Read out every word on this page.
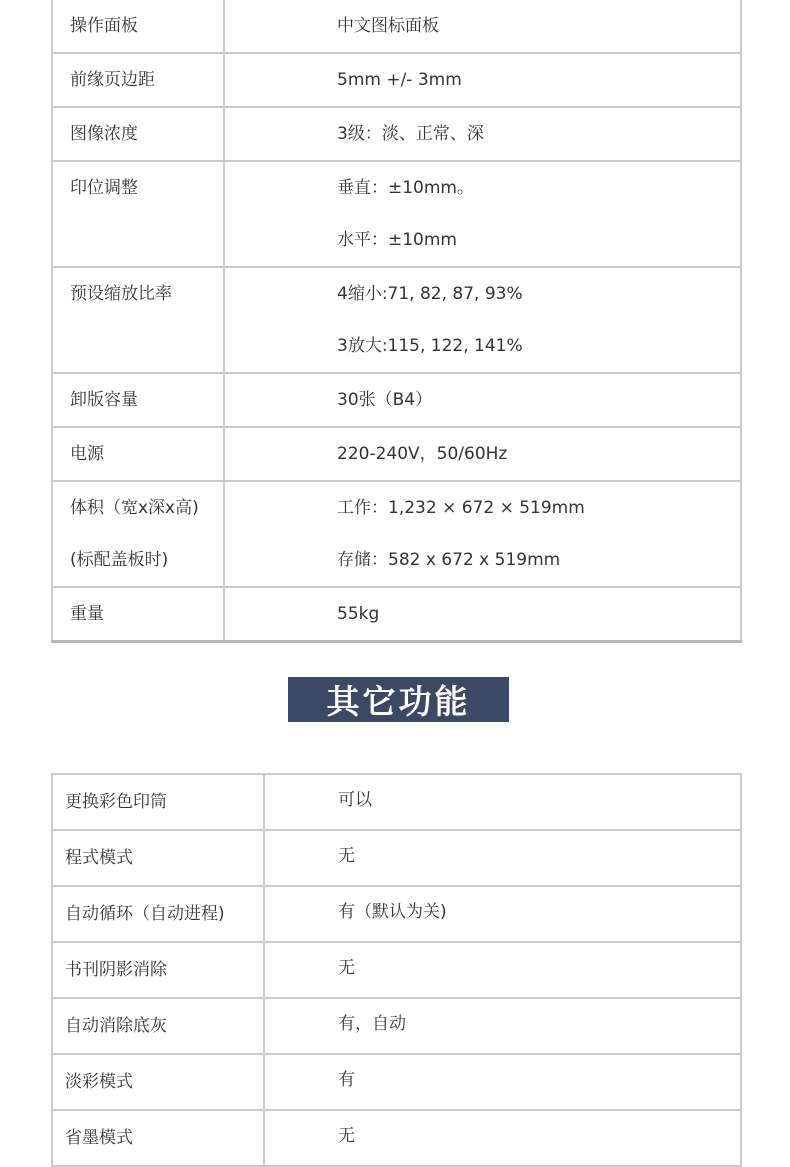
操作面板	中文图标面板

前缘页边距	5mm +/- 3mm

图像浓度	3级：淡、正常、深

印位调整	垂直：±10mm。
水平：±10mm

预设缩放比率	4缩小:71, 82, 87, 93%
3放大:115, 122, 141%

卸版容量	30张（B4）

电源	220-240V，50/60Hz

体积（宽x深x高)
(标配盖板时)	工作：1,232 × 672 × 519mm
存储：582 x 672 x 519mm

重量	55kg
其它功能
更换彩色印筒	可以

程式模式	无

自动循环（自动进程)	有（默认为关)

书刊阴影消除	无

自动消除底灰	有，自动

淡彩模式	有

省墨模式	无
